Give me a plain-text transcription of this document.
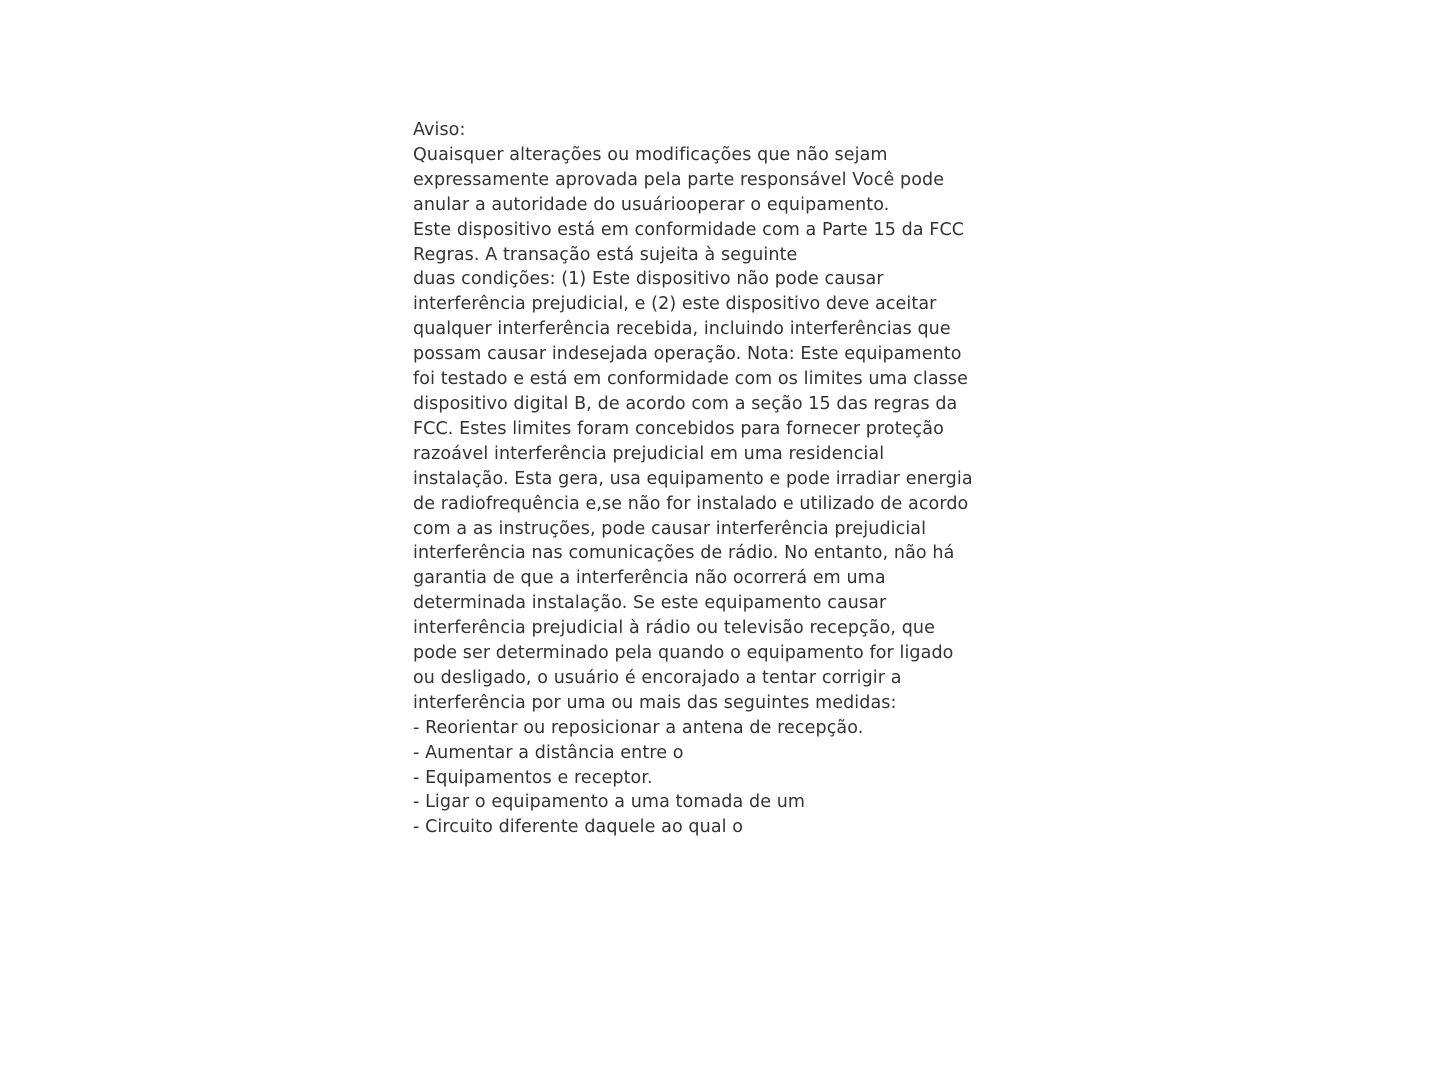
Aviso:
Quaisquer alterações ou modificações que não sejam
expressamente aprovada pela parte responsável Você pode
anular a autoridade do usuáriooperar o equipamento.
Este dispositivo está em conformidade com a Parte 15 da FCC
Regras. A transação está sujeita à seguinte
duas condições: (1) Este dispositivo não pode causar
interferência prejudicial, e (2) este dispositivo deve aceitar
qualquer interferência recebida, incluindo interferências que
possam causar indesejada operação. Nota: Este equipamento
foi testado e está em conformidade com os limites uma classe
dispositivo digital B, de acordo com a seção 15 das regras da
FCC. Estes limites foram concebidos para fornecer proteção
razoável interferência prejudicial em uma residencial
instalação. Esta gera, usa equipamento e pode irradiar energia
de radiofrequência e,se não for instalado e utilizado de acordo
com a as instruções, pode causar interferência prejudicial
interferência nas comunicações de rádio. No entanto, não há
garantia de que a interferência não ocorrerá em uma
determinada instalação. Se este equipamento causar
interferência prejudicial à rádio ou televisão recepção, que
pode ser determinado pela quando o equipamento for ligado
ou desligado, o usuário é encorajado a tentar corrigir a
interferência por uma ou mais das seguintes medidas:
- Reorientar ou reposicionar a antena de recepção.
- Aumentar a distância entre o
- Equipamentos e receptor.
- Ligar o equipamento a uma tomada de um
- Circuito diferente daquele ao qual o
